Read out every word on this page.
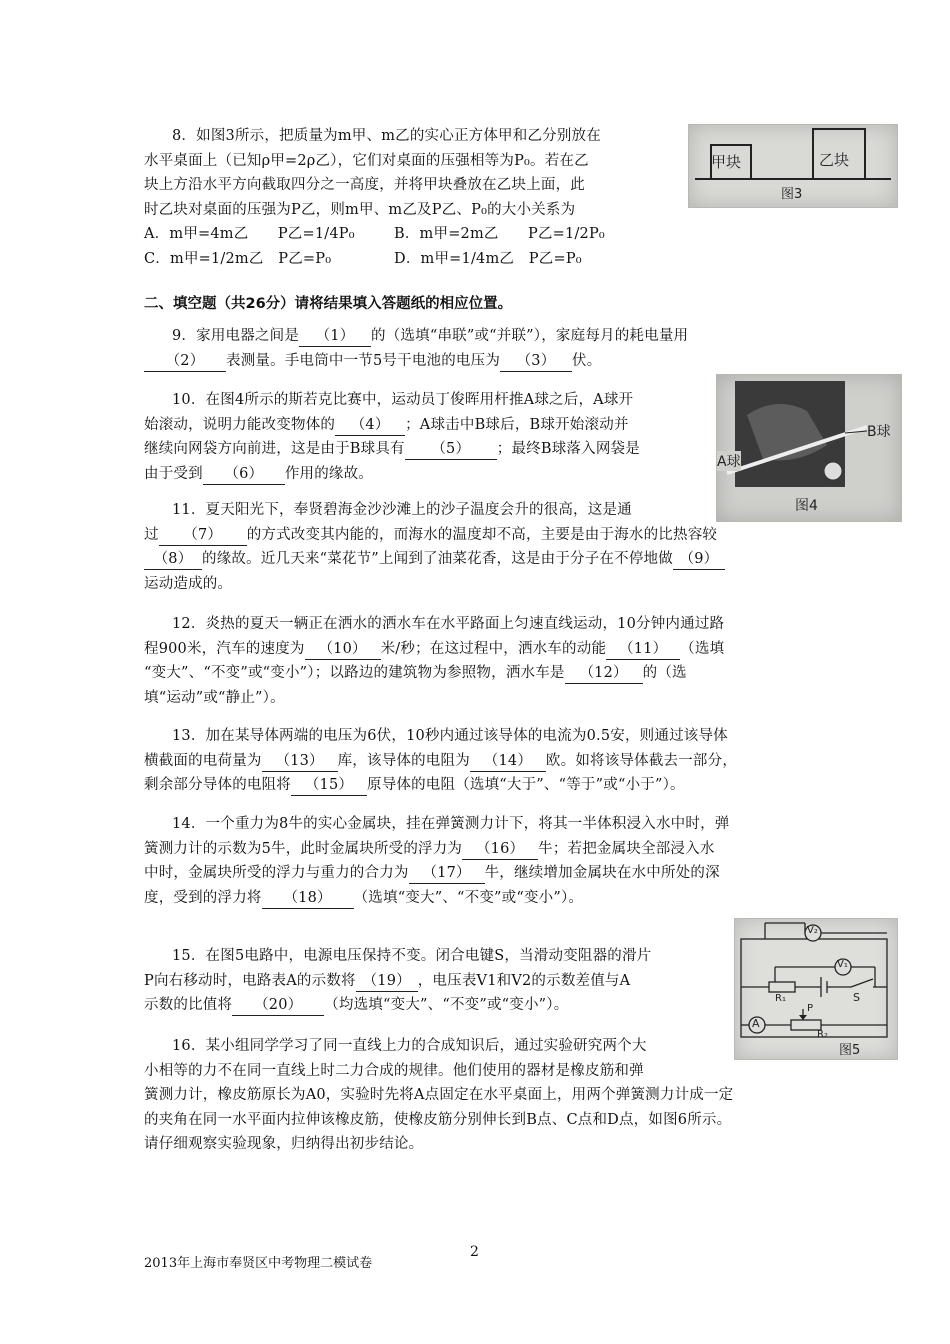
8．如图3所示，把质量为m甲、m乙的实心正方体甲和乙分别放在
水平桌面上（已知ρ甲=2ρ乙），它们对桌面的压强相等为P₀。若在乙
块上方沿水平方向截取四分之一高度，并将甲块叠放在乙块上面，此
时乙块对桌面的压强为P乙，则m甲、m乙及P乙、P₀的大小关系为
A．m甲=4m乙　　P乙=1/4P₀	B．m甲=2m乙　　P乙=1/2P₀
C．m甲=1/2m乙　P乙=P₀	D．m甲=1/4m乙　P乙=P₀
甲块	乙块
图3
二、填空题（共26分）请将结果填入答题纸的相应位置。
9．家用电器之间是 （1） 的（选填“串联”或“并联”），家庭每月的耗电量用
（2） 表测量。手电筒中一节5号干电池的电压为 （3） 伏。
10．在图4所示的斯若克比赛中，运动员丁俊晖用杆推A球之后，A球开
始滚动，说明力能改变物体的 （4） ；A球击中B球后，B球开始滚动并
继续向网袋方向前进，这是由于B球具有 （5） ；最终B球落入网袋是
由于受到 （6） 作用的缘故。
B球
A球
图4
11．夏天阳光下，奉贤碧海金沙沙滩上的沙子温度会升的很高，这是通
过 （7） 的方式改变其内能的，而海水的温度却不高，主要是由于海水的比热容较
（8） 的缘故。近几天来“菜花节”上闻到了油菜花香，这是由于分子在不停地做 （9）
运动造成的。
12．炎热的夏天一辆正在洒水的洒水车在水平路面上匀速直线运动，10分钟内通过路
程900米，汽车的速度为 （10） 米/秒；在这过程中，洒水车的动能 （11） （选填
“变大”、“不变”或“变小”）；以路边的建筑物为参照物，洒水车是 （12） 的（选
填“运动”或“静止”）。
13．加在某导体两端的电压为6伏，10秒内通过该导体的电流为0.5安，则通过该导体
横截面的电荷量为 （13） 库，该导体的电阻为 （14） 欧。如将该导体截去一部分，
剩余部分导体的电阻将 （15） 原导体的电阻（选填“大于”、“等于”或“小于”）。
14．一个重力为8牛的实心金属块，挂在弹簧测力计下，将其一半体积浸入水中时，弹
簧测力计的示数为5牛，此时金属块所受的浮力为 （16） 牛；若把金属块全部浸入水
中时，金属块所受的浮力与重力的合力为 （17） 牛，继续增加金属块在水中所处的深
度，受到的浮力将 （18） （选填“变大”、“不变”或“变小”）。
15．在图5电路中，电源电压保持不变。闭合电键S，当滑动变阻器的滑片
P向右移动时，电路表A的示数将 （19） ，电压表V1和V2的示数差值与A
示数的比值将 （20） （均选填“变大”、“不变”或“变小”）。
V₂
V₁
R₁	S
A
P
R₂
图5
16．某小组同学学习了同一直线上力的合成知识后，通过实验研究两个大
小相等的力不在同一直线上时二力合成的规律。他们使用的器材是橡皮筋和弹
簧测力计，橡皮筋原长为A0，实验时先将A点固定在水平桌面上，用两个弹簧测力计成一定
的夹角在同一水平面内拉伸该橡皮筋，使橡皮筋分别伸长到B点、C点和D点，如图6所示。
请仔细观察实验现象，归纳得出初步结论。
2
2013年上海市奉贤区中考物理二模试卷
